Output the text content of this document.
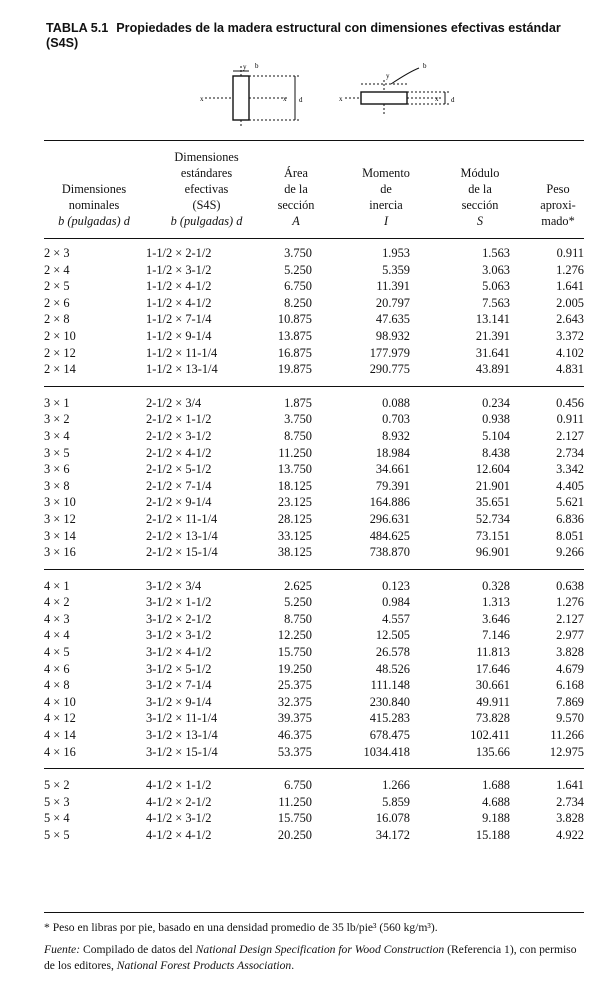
TABLA 5.1 Propiedades de la madera estructural con dimensiones efectivas estándar (S4S)
x	x
y b
d	x	x
y
b
d
Dimensiones
nominales
b (pulgadas) d
Dimensiones
estándares
efectivas
(S4S)
b (pulgadas) d
Área
de la
sección
A
Momento
de
inercia
I
Módulo
de la
sección
S
Peso
aproxi-
mado*
2 × 3	1-1/2 × 2-1/2	3.750	1.953	1.563	0.911
2 × 4	1-1/2 × 3-1/2	5.250	5.359	3.063	1.276
2 × 5	1-1/2 × 4-1/2	6.750	11.391	5.063	1.641
2 × 6	1-1/2 × 4-1/2	8.250	20.797	7.563	2.005
2 × 8	1-1/2 × 7-1/4	10.875	47.635	13.141	2.643
2 × 10	1-1/2 × 9-1/4	13.875	98.932	21.391	3.372
2 × 12	1-1/2 × 11-1/4	16.875	177.979	31.641	4.102
2 × 14	1-1/2 × 13-1/4	19.875	290.775	43.891	4.831
3 × 1	2-1/2 × 3/4	1.875	0.088	0.234	0.456
3 × 2	2-1/2 × 1-1/2	3.750	0.703	0.938	0.911
3 × 4	2-1/2 × 3-1/2	8.750	8.932	5.104	2.127
3 × 5	2-1/2 × 4-1/2	11.250	18.984	8.438	2.734
3 × 6	2-1/2 × 5-1/2	13.750	34.661	12.604	3.342
3 × 8	2-1/2 × 7-1/4	18.125	79.391	21.901	4.405
3 × 10	2-1/2 × 9-1/4	23.125	164.886	35.651	5.621
3 × 12	2-1/2 × 11-1/4	28.125	296.631	52.734	6.836
3 × 14	2-1/2 × 13-1/4	33.125	484.625	73.151	8.051
3 × 16	2-1/2 × 15-1/4	38.125	738.870	96.901	9.266
4 × 1	3-1/2 × 3/4	2.625	0.123	0.328	0.638
4 × 2	3-1/2 × 1-1/2	5.250	0.984	1.313	1.276
4 × 3	3-1/2 × 2-1/2	8.750	4.557	3.646	2.127
4 × 4	3-1/2 × 3-1/2	12.250	12.505	7.146	2.977
4 × 5	3-1/2 × 4-1/2	15.750	26.578	11.813	3.828
4 × 6	3-1/2 × 5-1/2	19.250	48.526	17.646	4.679
4 × 8	3-1/2 × 7-1/4	25.375	111.148	30.661	6.168
4 × 10	3-1/2 × 9-1/4	32.375	230.840	49.911	7.869
4 × 12	3-1/2 × 11-1/4	39.375	415.283	73.828	9.570
4 × 14	3-1/2 × 13-1/4	46.375	678.475	102.411	11.266
4 × 16	3-1/2 × 15-1/4	53.375	1034.418	135.66	12.975
5 × 2	4-1/2 × 1-1/2	6.750	1.266	1.688	1.641
5 × 3	4-1/2 × 2-1/2	11.250	5.859	4.688	2.734
5 × 4	4-1/2 × 3-1/2	15.750	16.078	9.188	3.828
5 × 5	4-1/2 × 4-1/2	20.250	34.172	15.188	4.922
* Peso en libras por pie, basado en una densidad promedio de 35 lb/pie³ (560 kg/m³).
Fuente: Compilado de datos del National Design Specification for Wood Construction (Referencia 1), con permiso de los editores, National Forest Products Association.
